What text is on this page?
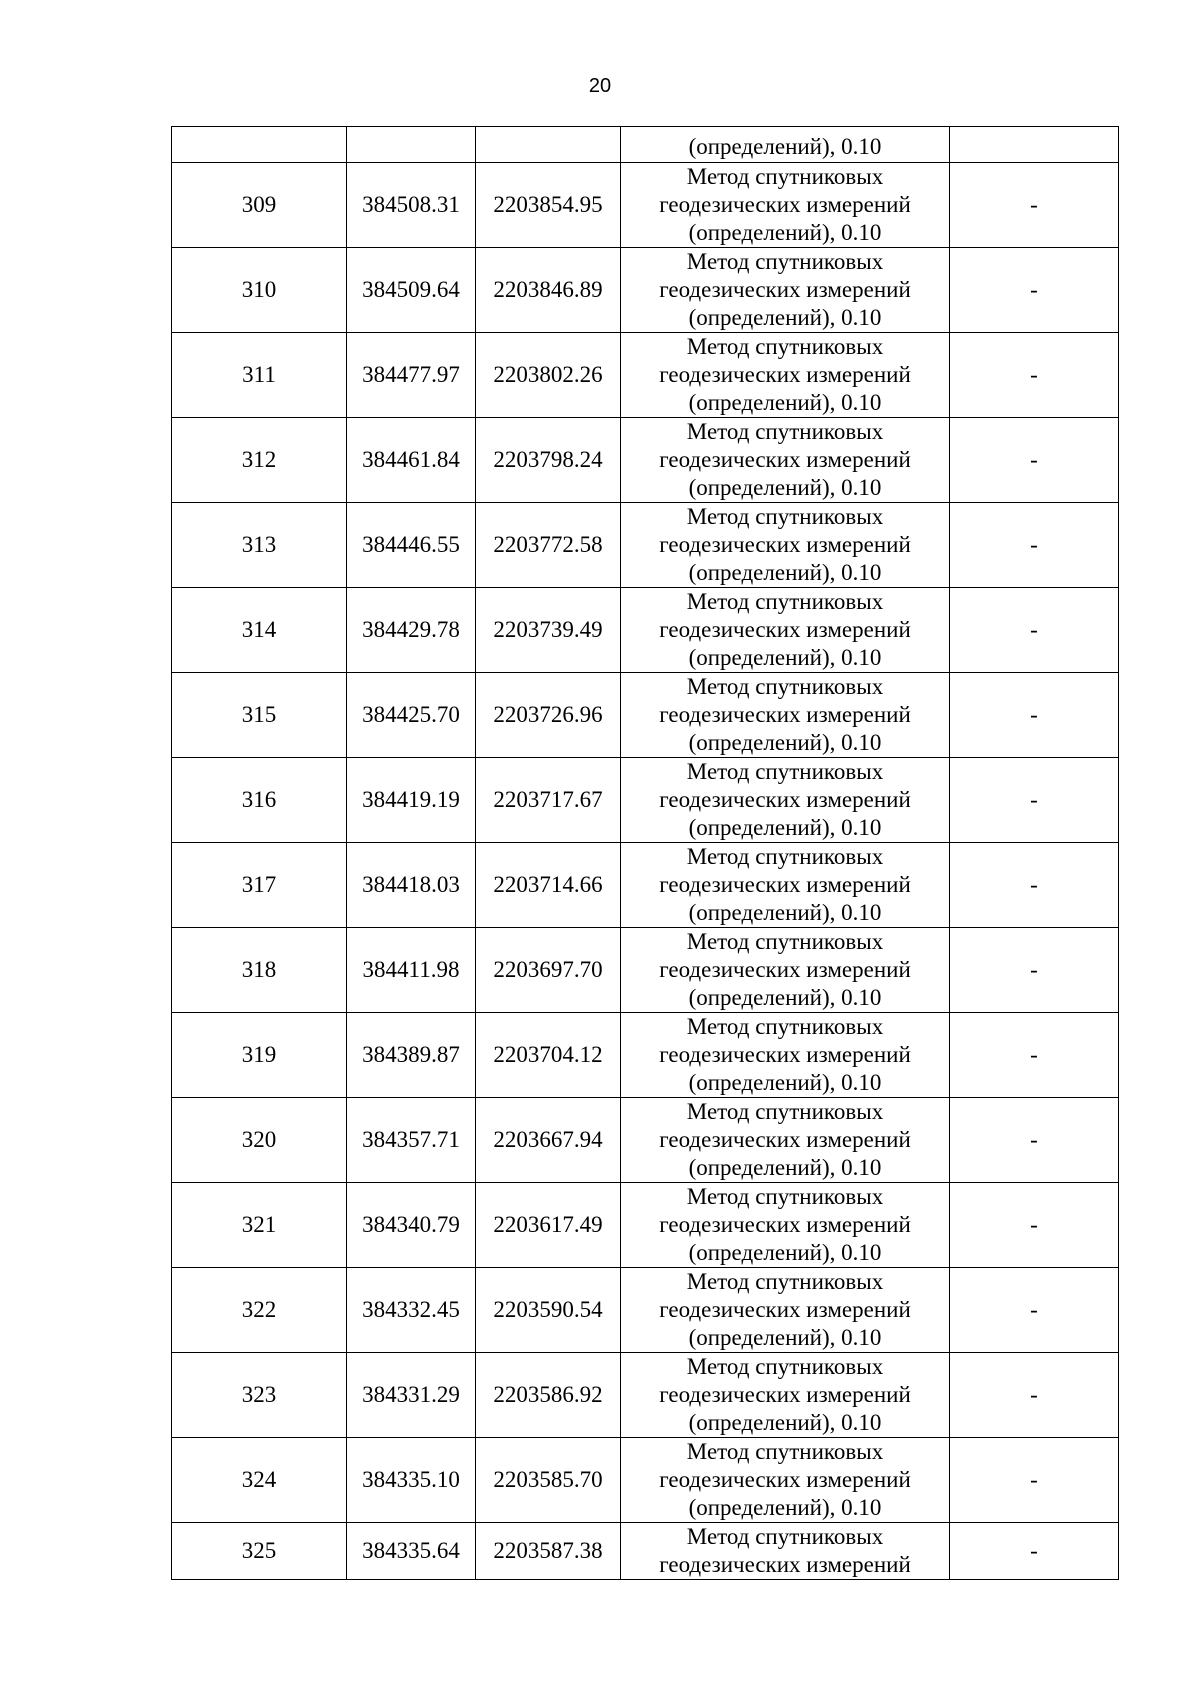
20
			(определений), 0.10	
309	384508.31	2203854.95	Метод спутниковых
геодезических измерений
(определений), 0.10	-
310	384509.64	2203846.89	Метод спутниковых
геодезических измерений
(определений), 0.10	-
311	384477.97	2203802.26	Метод спутниковых
геодезических измерений
(определений), 0.10	-
312	384461.84	2203798.24	Метод спутниковых
геодезических измерений
(определений), 0.10	-
313	384446.55	2203772.58	Метод спутниковых
геодезических измерений
(определений), 0.10	-
314	384429.78	2203739.49	Метод спутниковых
геодезических измерений
(определений), 0.10	-
315	384425.70	2203726.96	Метод спутниковых
геодезических измерений
(определений), 0.10	-
316	384419.19	2203717.67	Метод спутниковых
геодезических измерений
(определений), 0.10	-
317	384418.03	2203714.66	Метод спутниковых
геодезических измерений
(определений), 0.10	-
318	384411.98	2203697.70	Метод спутниковых
геодезических измерений
(определений), 0.10	-
319	384389.87	2203704.12	Метод спутниковых
геодезических измерений
(определений), 0.10	-
320	384357.71	2203667.94	Метод спутниковых
геодезических измерений
(определений), 0.10	-
321	384340.79	2203617.49	Метод спутниковых
геодезических измерений
(определений), 0.10	-
322	384332.45	2203590.54	Метод спутниковых
геодезических измерений
(определений), 0.10	-
323	384331.29	2203586.92	Метод спутниковых
геодезических измерений
(определений), 0.10	-
324	384335.10	2203585.70	Метод спутниковых
геодезических измерений
(определений), 0.10	-
325	384335.64	2203587.38	Метод спутниковых
геодезических измерений	-
